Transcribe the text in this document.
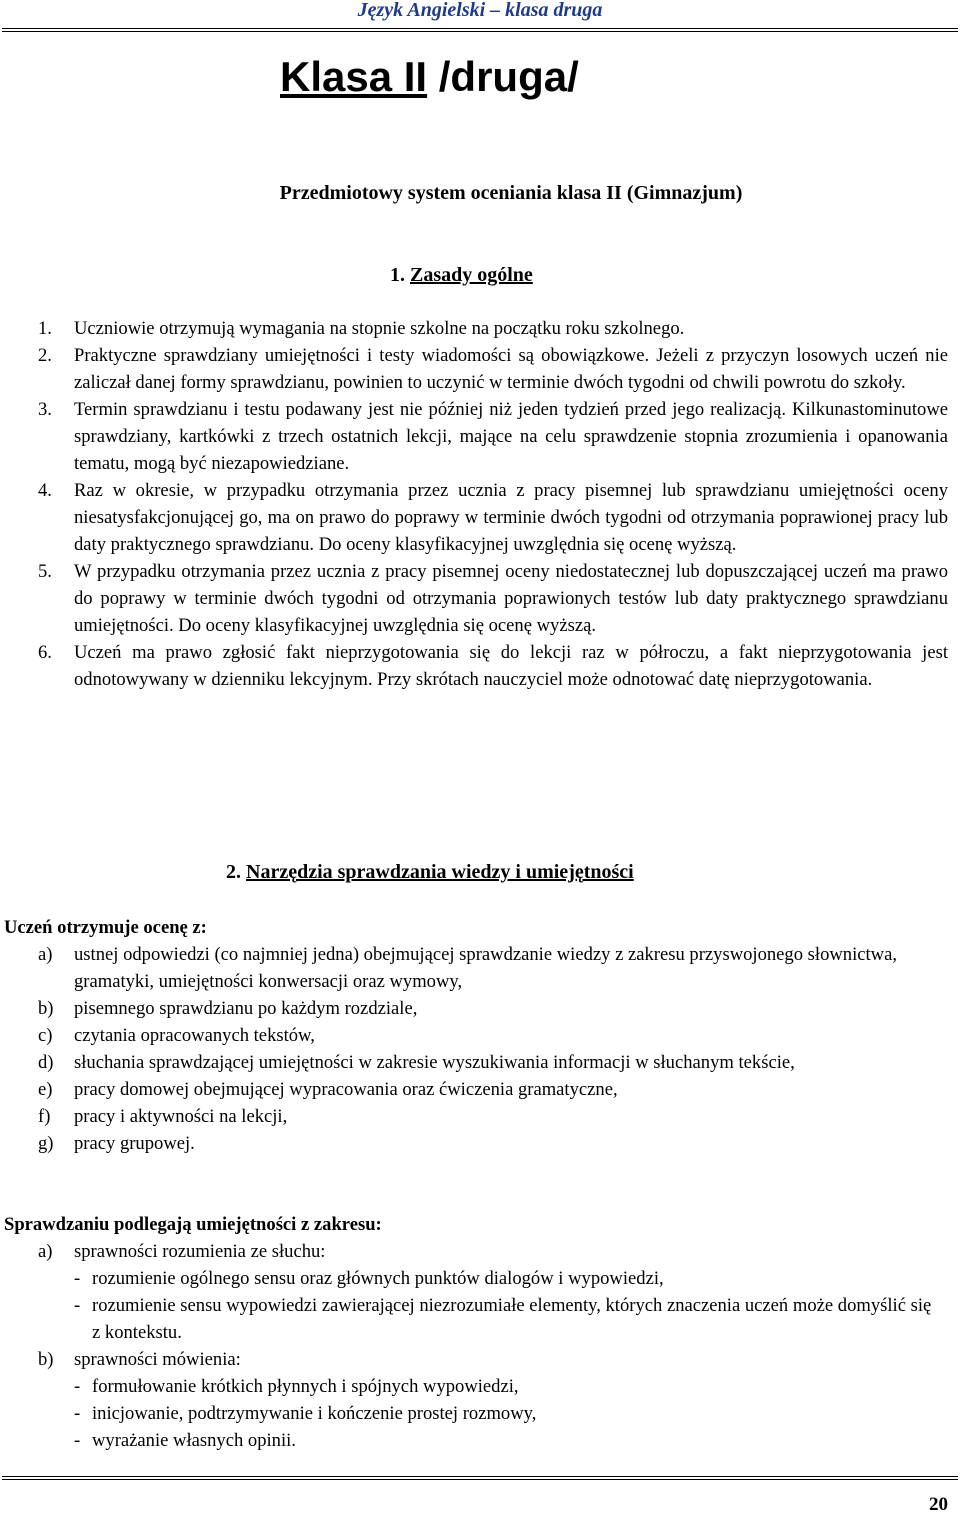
Język Angielski – klasa druga
Klasa II /druga/
Przedmiotowy system oceniania klasa II (Gimnazjum)
1. Zasady ogólne
1. Uczniowie otrzymują wymagania na stopnie szkolne na początku roku szkolnego.
2. Praktyczne sprawdziany umiejętności i testy wiadomości są obowiązkowe. Jeżeli z przyczyn losowych uczeń nie zaliczał danej formy sprawdzianu, powinien to uczynić w terminie dwóch tygodni od chwili powrotu do szkoły.
3. Termin sprawdzianu i testu podawany jest nie później niż jeden tydzień przed jego realizacją. Kilkunastominutowe sprawdziany, kartkówki z trzech ostatnich lekcji, mające na celu sprawdzenie stopnia zrozumienia i opanowania tematu, mogą być niezapowiedziane.
4. Raz w okresie, w przypadku otrzymania przez ucznia z pracy pisemnej lub sprawdzianu umiejętności oceny niesatysfakcjonującej go, ma on prawo do poprawy w terminie dwóch tygodni od otrzymania poprawionej pracy lub daty praktycznego sprawdzianu. Do oceny klasyfikacyjnej uwzględnia się ocenę wyższą.
5. W przypadku otrzymania przez ucznia z pracy pisemnej oceny niedostatecznej lub dopuszczającej uczeń ma prawo do poprawy w terminie dwóch tygodni od otrzymania poprawionych testów lub daty praktycznego sprawdzianu umiejętności. Do oceny klasyfikacyjnej uwzględnia się ocenę wyższą.
6. Uczeń ma prawo zgłosić fakt nieprzygotowania się do lekcji raz w półroczu, a fakt nieprzygotowania jest odnotowywany w dzienniku lekcyjnym. Przy skrótach nauczyciel może odnotować datę nieprzygotowania.
2. Narzędzia sprawdzania wiedzy i umiejętności
Uczeń otrzymuje ocenę z:
a) ustnej odpowiedzi (co najmniej jedna) obejmującej sprawdzanie wiedzy z zakresu przyswojonego słownictwa, gramatyki, umiejętności konwersacji oraz wymowy,
b) pisemnego sprawdzianu po każdym rozdziale,
c) czytania opracowanych tekstów,
d) słuchania sprawdzającej umiejętności w zakresie wyszukiwania informacji w słuchanym tekście,
e) pracy domowej obejmującej wypracowania oraz ćwiczenia gramatyczne,
f) pracy i aktywności na lekcji,
g) pracy grupowej.
Sprawdzaniu podlegają umiejętności z zakresu:
a) sprawności rozumienia ze słuchu:
- rozumienie ogólnego sensu oraz głównych punktów dialogów i wypowiedzi,
- rozumienie sensu wypowiedzi zawierającej niezrozumiałe elementy, których znaczenia uczeń może domyślić się z kontekstu.
b) sprawności mówienia:
- formułowanie krótkich płynnych i spójnych wypowiedzi,
- inicjowanie, podtrzymywanie i kończenie prostej rozmowy,
- wyrażanie własnych opinii.
20
